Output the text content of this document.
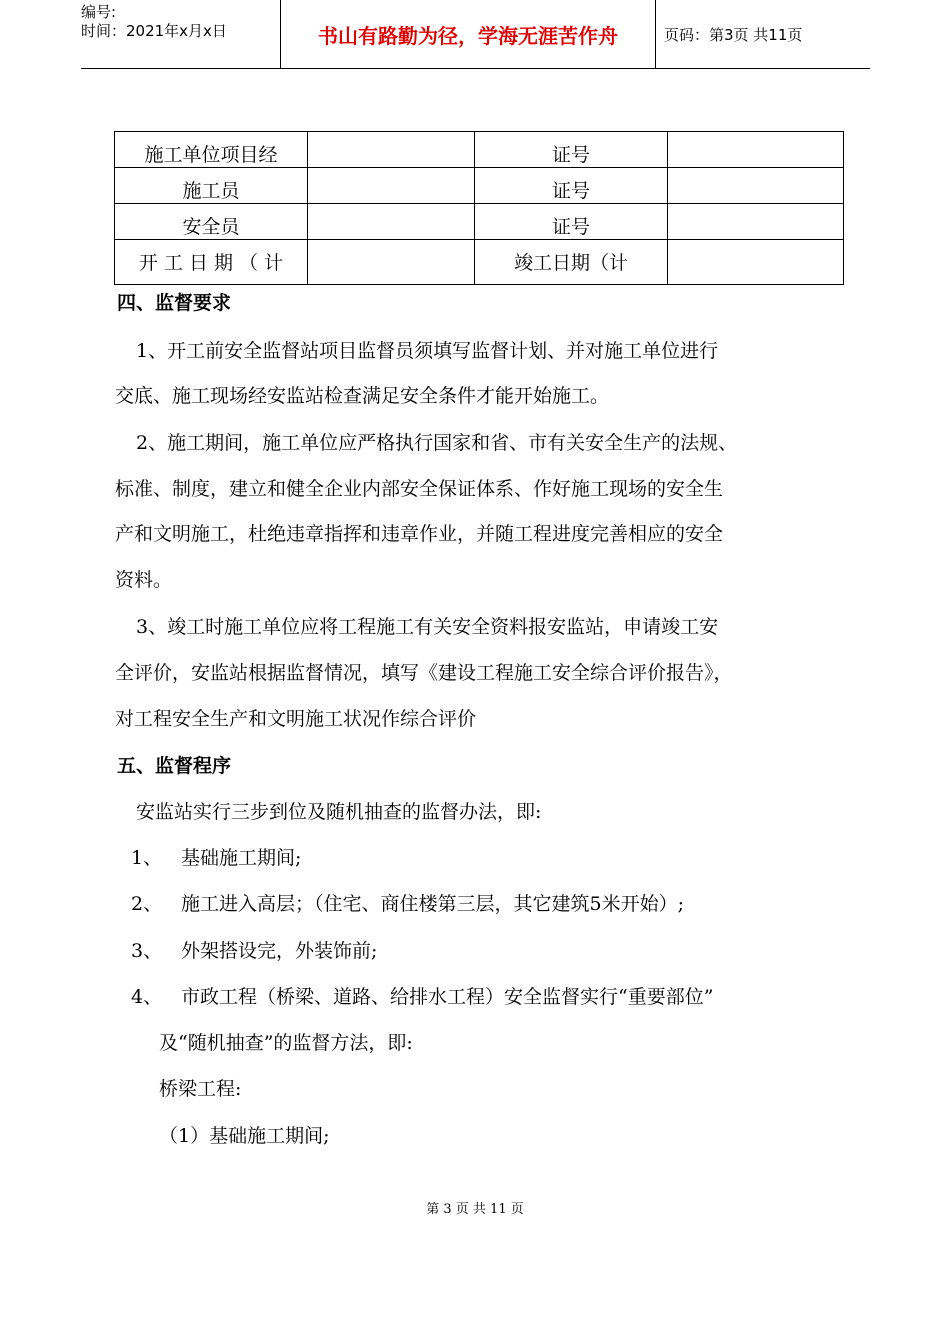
编号:
时间：2021年x月x日	书山有路勤为径，学海无涯苦作舟	页码：第3页 共11页
施工单位项目经		证号	
施工员		证号	
安全员		证号	
开 工 日 期 （ 计		竣工日期（计	
四、监督要求

1、开工前安全监督站项目监督员须填写监督计划、并对施工单位进行

交底、施工现场经安监站检查满足安全条件才能开始施工。

2、施工期间，施工单位应严格执行国家和省、市有关安全生产的法规、

标准、制度，建立和健全企业内部安全保证体系、作好施工现场的安全生

产和文明施工，杜绝违章指挥和违章作业，并随工程进度完善相应的安全

资料。

3、竣工时施工单位应将工程施工有关安全资料报安监站，申请竣工安

全评价，安监站根据监督情况，填写《建设工程施工安全综合评价报告》，

对工程安全生产和文明施工状况作综合评价

五、监督程序

安监站实行三步到位及随机抽查的监督办法，即:

1、 基础施工期间;

2、 施工进入高层；（住宅、商住楼第三层，其它建筑5米开始）;

3、 外架搭设完，外装饰前;

4、 市政工程（桥梁、道路、给排水工程）安全监督实行“重要部位”

及“随机抽查”的监督方法，即:

桥梁工程:

（1）基础施工期间;

第 3 页 共 11 页
